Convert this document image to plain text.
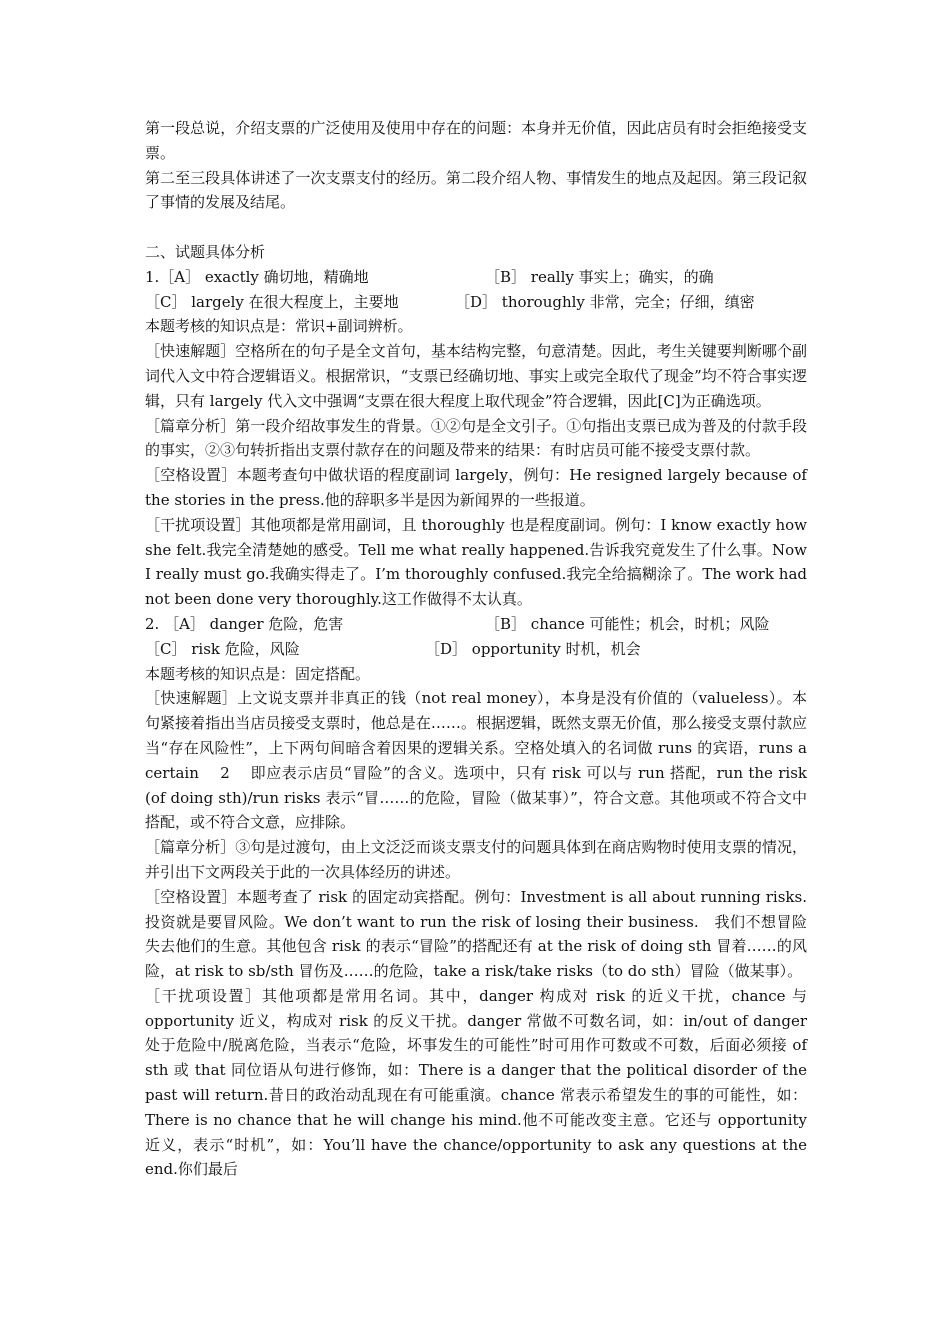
第一段总说，介绍支票的广泛使用及使用中存在的问题：本身并无价值，因此店员有时会拒绝接受支票。

第二至三段具体讲述了一次支票支付的经历。第二段介绍人物、事情发生的地点及起因。第三段记叙了事情的发展及结尾。

二、试题具体分析

1.［A］ exactly 确切地，精确地	［B］ really 事实上；确实，的确
［C］ largely 在很大程度上，主要地	［D］ thoroughly 非常，完全；仔细，缜密

本题考核的知识点是：常识+副词辨析。

［快速解题］空格所在的句子是全文首句，基本结构完整，句意清楚。因此，考生关键要判断哪个副词代入文中符合逻辑语义。根据常识，“支票已经确切地、事实上或完全取代了现金”均不符合事实逻辑，只有 largely 代入文中强调“支票在很大程度上取代现金”符合逻辑，因此[C]为正确选项。

［篇章分析］第一段介绍故事发生的背景。①②句是全文引子。①句指出支票已成为普及的付款手段的事实，②③句转折指出支票付款存在的问题及带来的结果：有时店员可能不接受支票付款。

［空格设置］本题考查句中做状语的程度副词 largely，例句：He resigned largely because of the stories in the press.他的辞职多半是因为新闻界的一些报道。

［干扰项设置］其他项都是常用副词，且 thoroughly 也是程度副词。例句：I know exactly how she felt.我完全清楚她的感受。Tell me what really happened.告诉我究竟发生了什么事。Now I really must go.我确实得走了。I’m thoroughly confused.我完全给搞糊涂了。The work had not been done very thoroughly.这工作做得不太认真。

2. ［A］ danger 危险，危害	［B］ chance 可能性；机会，时机；风险
［C］ risk 危险，风险	［D］ opportunity 时机，机会

本题考核的知识点是：固定搭配。

［快速解题］上文说支票并非真正的钱（not real money），本身是没有价值的（valueless）。本句紧接着指出当店员接受支票时，他总是在……。根据逻辑，既然支票无价值，那么接受支票付款应当“存在风险性”，上下两句间暗含着因果的逻辑关系。空格处填入的名词做 runs 的宾语，runs a certain　 2 　即应表示店员“冒险”的含义。选项中，只有 risk 可以与 run 搭配，run the risk (of doing sth)/run risks 表示“冒……的危险，冒险（做某事）”，符合文意。其他项或不符合文中搭配，或不符合文意，应排除。

［篇章分析］③句是过渡句，由上文泛泛而谈支票支付的问题具体到在商店购物时使用支票的情况，并引出下文两段关于此的一次具体经历的讲述。

［空格设置］本题考查了 risk 的固定动宾搭配。例句：Investment is all about running risks.投资就是要冒风险。We don’t want to run the risk of losing their business.　我们不想冒险失去他们的生意。其他包含 risk 的表示“冒险”的搭配还有 at the risk of doing sth 冒着……的风险，at risk to sb/sth 冒伤及……的危险，take a risk/take risks（to do sth）冒险（做某事）。

［干扰项设置］其他项都是常用名词。其中，danger 构成对 risk 的近义干扰，chance 与 opportunity 近义，构成对 risk 的反义干扰。danger 常做不可数名词，如：in/out of danger 处于危险中/脱离危险，当表示“危险，坏事发生的可能性”时可用作可数或不可数，后面必须接 of sth 或 that 同位语从句进行修饰，如：There is a danger that the political disorder of the past will return.昔日的政治动乱现在有可能重演。chance 常表示希望发生的事的可能性，如：There is no chance that he will change his mind.他不可能改变主意。它还与 opportunity 近义，表示“时机”，如：You’ll have the chance/opportunity to ask any questions at the end.你们最后
